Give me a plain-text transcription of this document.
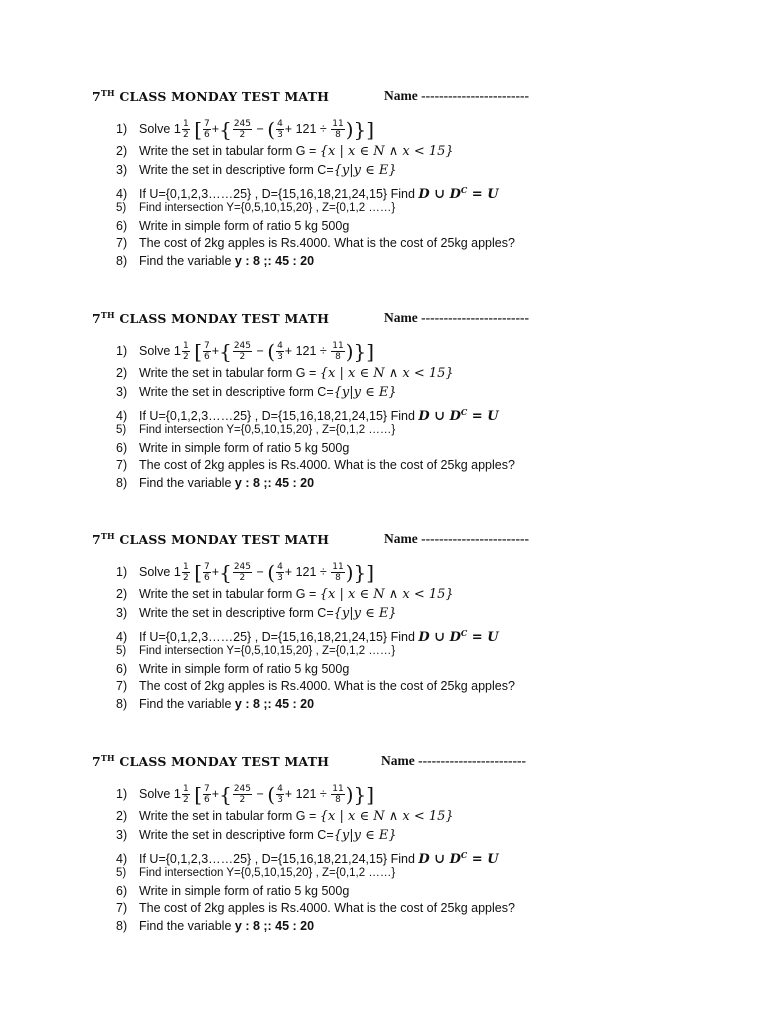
7TH CLASS MONDAY TEST MATH	Name ------------------------
1) Solve $1 \frac{1}{2}$ [ $\frac{7}{6}$ +{ $\frac{245}{2}$ − ( $\frac{4}{3} + 121 \div \frac{11}{8}$ )}]
2) Write the set in tabular form G = {x | x ∈ N ∧ x < 15}
3) Write the set in descriptive form C={y|y ∈ E}
4) If U={0,1,2,3……25} , D={15,16,18,21,24,15} Find D ∪ $D^C = U$
5) Find intersection Y={0,5,10,15,20} , Z={0,1,2 ……}
6) Write in simple form of ratio 5 kg 500g
7) The cost of 2kg apples is Rs.4000. What is the cost of 25kg apples?
8) Find the variable y : 8 ;: 45 : 20
7TH CLASS MONDAY TEST MATH	Name ------------------------
1) Solve $1 \frac{1}{2}$ [ $\frac{7}{6}$ +{ $\frac{245}{2}$ − ( $\frac{4}{3} + 121 \div \frac{11}{8}$ )}]
2) Write the set in tabular form G = {x | x ∈ N ∧ x < 15}
3) Write the set in descriptive form C={y|y ∈ E}
4) If U={0,1,2,3……25} , D={15,16,18,21,24,15} Find D ∪ $D^C = U$
5) Find intersection Y={0,5,10,15,20} , Z={0,1,2 ……}
6) Write in simple form of ratio 5 kg 500g
7) The cost of 2kg apples is Rs.4000. What is the cost of 25kg apples?
8) Find the variable y : 8 ;: 45 : 20
7TH CLASS MONDAY TEST MATH	Name ------------------------
1) Solve $1 \frac{1}{2}$ [ $\frac{7}{6}$ +{ $\frac{245}{2}$ − ( $\frac{4}{3} + 121 \div \frac{11}{8}$ )}]
2) Write the set in tabular form G = {x | x ∈ N ∧ x < 15}
3) Write the set in descriptive form C={y|y ∈ E}
4) If U={0,1,2,3……25} , D={15,16,18,21,24,15} Find D ∪ $D^C = U$
5) Find intersection Y={0,5,10,15,20} , Z={0,1,2 ……}
6) Write in simple form of ratio 5 kg 500g
7) The cost of 2kg apples is Rs.4000. What is the cost of 25kg apples?
8) Find the variable y : 8 ;: 45 : 20
7TH CLASS MONDAY TEST MATH	Name ------------------------
1) Solve $1 \frac{1}{2}$ [ $\frac{7}{6}$ +{ $\frac{245}{2}$ − ( $\frac{4}{3} + 121 \div \frac{11}{8}$ )}]
2) Write the set in tabular form G = {x | x ∈ N ∧ x < 15}
3) Write the set in descriptive form C={y|y ∈ E}
4) If U={0,1,2,3……25} , D={15,16,18,21,24,15} Find D ∪ $D^C = U$
5) Find intersection Y={0,5,10,15,20} , Z={0,1,2 ……}
6) Write in simple form of ratio 5 kg 500g
7) The cost of 2kg apples is Rs.4000. What is the cost of 25kg apples?
8) Find the variable y : 8 ;: 45 : 20
